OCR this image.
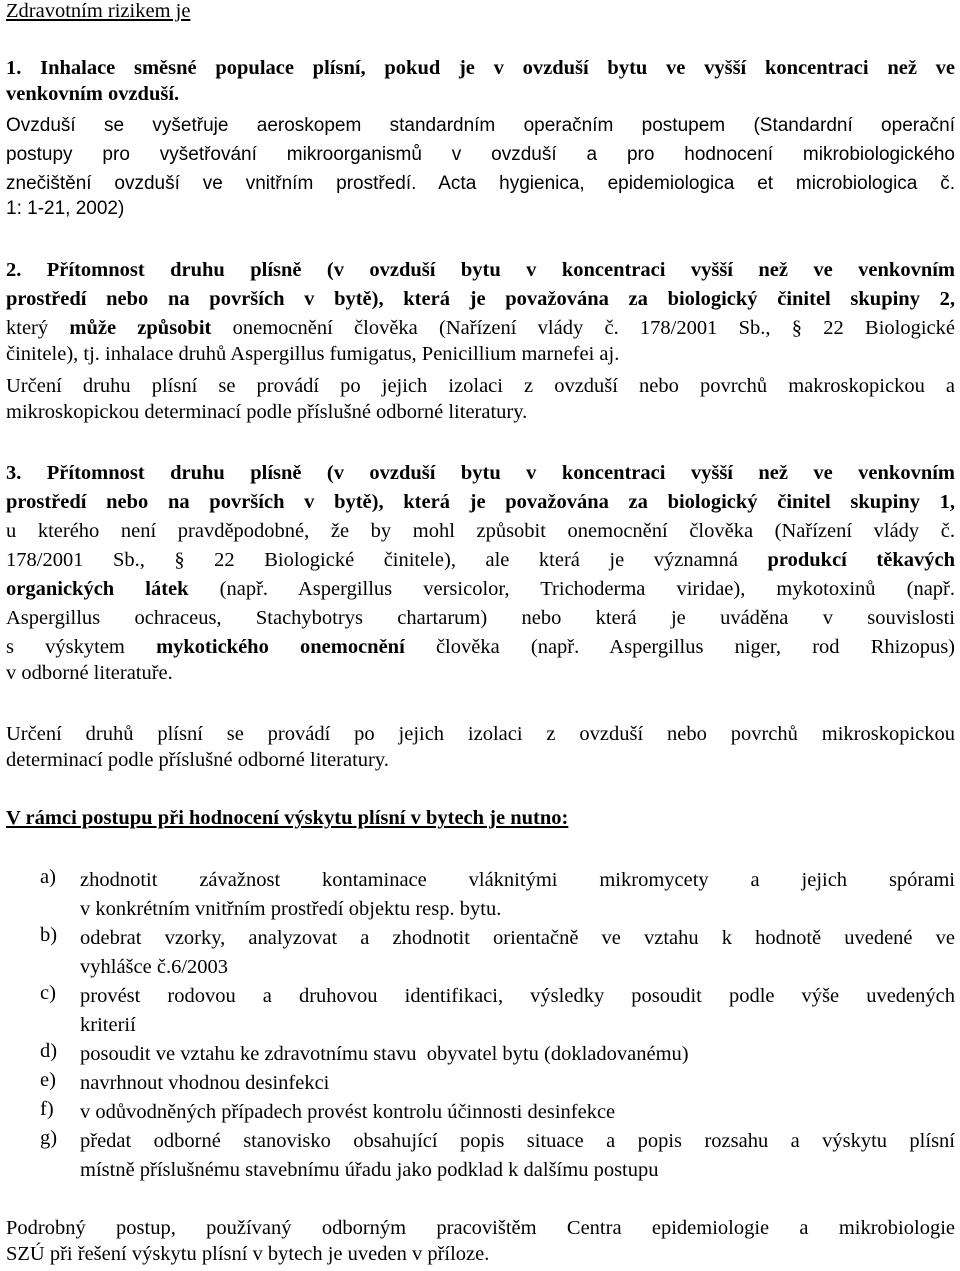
Zdravotním rizikem je
1. Inhalace směsné populace plísní, pokud je v ovzduší bytu ve vyšší koncentraci než ve
venkovním ovzduší.
Ovzduší se vyšetřuje aeroskopem standardním operačním postupem (Standardní operační
postupy pro vyšetřování mikroorganismů v ovzduší a pro hodnocení mikrobiologického
znečištění ovzduší ve vnitřním prostředí. Acta hygienica, epidemiologica et microbiologica č.
1: 1-21, 2002)
2. Přítomnost druhu plísně (v ovzduší bytu v koncentraci vyšší než ve venkovním
prostředí nebo na površích v bytě), která je považována za biologický činitel skupiny 2,
který může způsobit onemocnění člověka (Nařízení vlády č. 178/2001 Sb., § 22 Biologické
činitele), tj. inhalace druhů Aspergillus fumigatus, Penicillium marnefei aj.
Určení druhu plísní se provádí po jejich izolaci z ovzduší nebo povrchů makroskopickou a
mikroskopickou determinací podle příslušné odborné literatury.
3. Přítomnost druhu plísně (v ovzduší bytu v koncentraci vyšší než ve venkovním
prostředí nebo na površích v bytě), která je považována za biologický činitel skupiny 1,
u kterého není pravděpodobné, že by mohl způsobit onemocnění člověka (Nařízení vlády č.
178/2001 Sb., § 22 Biologické činitele), ale která je významná produkcí těkavých
organických látek (např. Aspergillus versicolor, Trichoderma viridae), mykotoxinů (např.
Aspergillus ochraceus, Stachybotrys chartarum) nebo která je uváděna v souvislosti
s výskytem mykotického onemocnění člověka (např. Aspergillus niger, rod Rhizopus)
v odborné literatuře.
Určení druhů plísní se provádí po jejich izolaci z ovzduší nebo povrchů mikroskopickou
determinací podle příslušné odborné literatury.
V rámci postupu při hodnocení výskytu plísní v bytech je nutno:
a) zhodnotit závažnost kontaminace vláknitými mikromycety a jejich spórami
v konkrétním vnitřním prostředí objektu resp. bytu.
b) odebrat vzorky, analyzovat a zhodnotit orientačně ve vztahu k hodnotě uvedené ve
vyhlášce č.6/2003
c) provést rodovou a druhovou identifikaci, výsledky posoudit podle výše uvedených
kriterií
d) posoudit ve vztahu ke zdravotnímu stavu  obyvatel bytu (dokladovanému)
e) navrhnout vhodnou desinfekci
f) v odůvodněných případech provést kontrolu účinnosti desinfekce
g) předat odborné stanovisko obsahující popis situace a popis rozsahu a výskytu plísní
místně příslušnému stavebnímu úřadu jako podklad k dalšímu postupu
Podrobný postup, používaný odborným pracovištěm Centra epidemiologie a mikrobiologie
SZÚ při řešení výskytu plísní v bytech je uveden v příloze.
